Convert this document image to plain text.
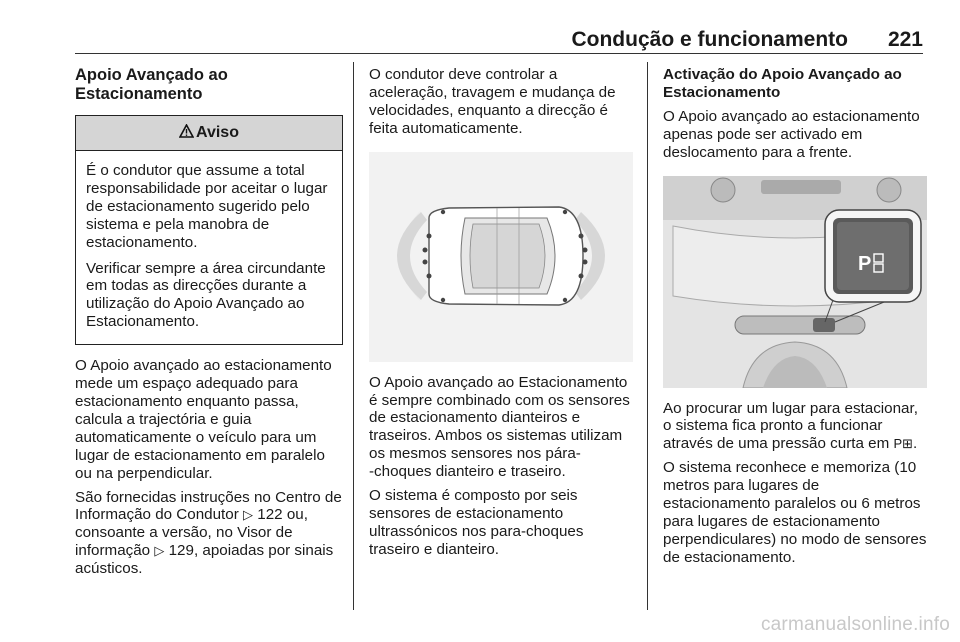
Condução e funcionamento 221
Apoio Avançado ao
Estacionamento
Aviso

É o condutor que assume a total responsabilidade por aceitar o lugar de estacionamento sugerido pelo sistema e pela manobra de estacionamento.

Verificar sempre a área circundante em todas as direcções durante a utilização do Apoio Avançado ao Estacionamento.

O Apoio avançado ao estacionamento mede um espaço adequado para estacionamento enquanto passa, calcula a trajectória e guia automaticamente o veículo para um lugar de estacionamento em paralelo ou na perpendicular.

São fornecidas instruções no Centro de Informação do Condutor ▷ 122 ou, consoante a versão, no Visor de informação ▷ 129, apoiadas por sinais acústicos.

O condutor deve controlar a aceleração, travagem e mudança de velocidades, enquanto a direcção é feita automaticamente.

O Apoio avançado ao Estacionamento é sempre combinado com os sensores de estacionamento dianteiros e traseiros. Ambos os sistemas utilizam os mesmos sensores nos pára-
-choques dianteiro e traseiro.

O sistema é composto por seis sensores de estacionamento ultrassónicos nos para-choques traseiro e dianteiro.

Activação do Apoio Avançado ao Estacionamento

O Apoio avançado ao estacionamento apenas pode ser activado em deslocamento para a frente.

P

Ao procurar um lugar para estacionar, o sistema fica pronto a funcionar através de uma pressão curta em P⊞.

O sistema reconhece e memoriza (10 metros para lugares de estacionamento paralelos ou 6 metros para lugares de estacionamento perpendiculares) no modo de sensores de estacionamento.

carmanualsonline.info
